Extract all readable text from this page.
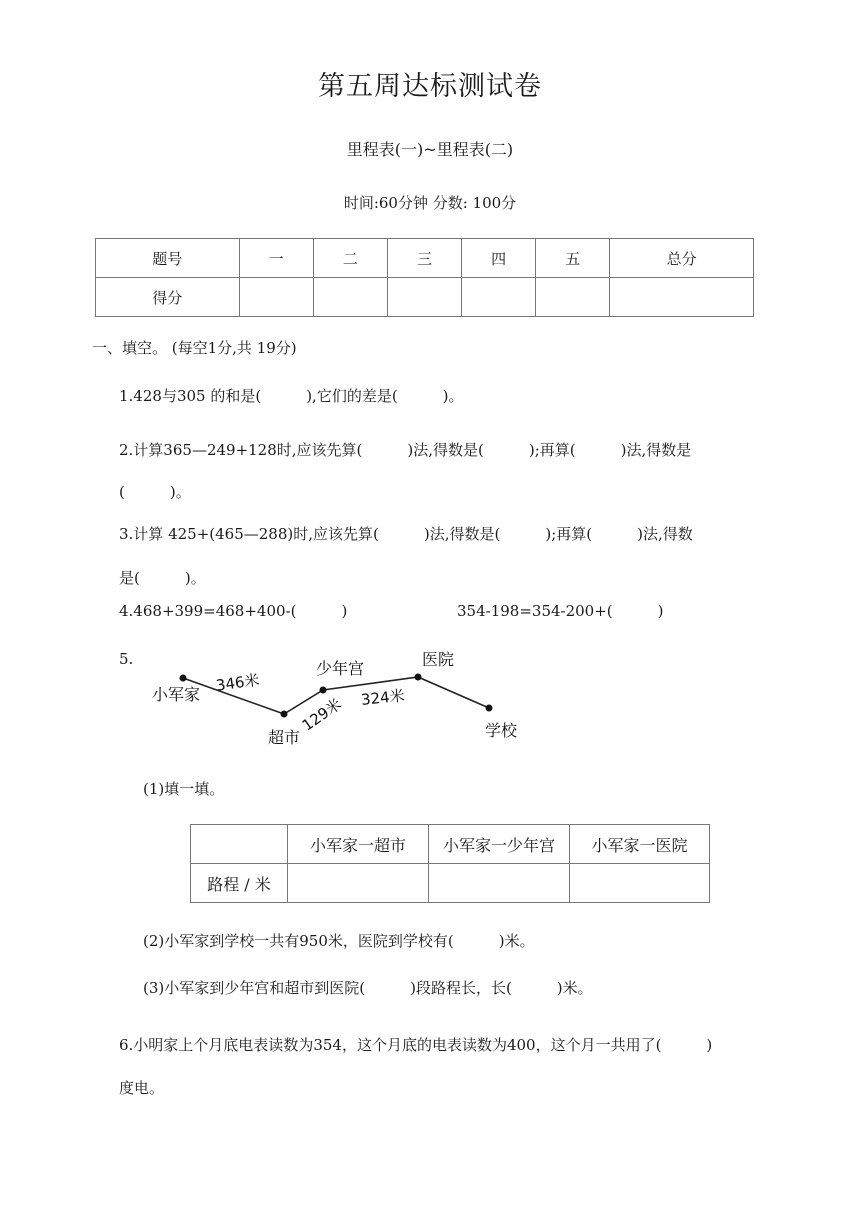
第五周达标测试卷
里程表(一)~里程表(二)
时间:60分钟 分数: 100分
题号	一	二	三	四	五	总分
得分						
一、填空。 (每空1分,共 19分)
1.428与305 的和是(　　　),它们的差是(　　　)。
2.计算365—249+128时,应该先算(　　　)法,得数是(　　　);再算(　　　)法,得数是
(　　　)。
3.计算 425+(465—288)时,应该先算(　　　)法,得数是(　　　);再算(　　　)法,得数
是(　　　)。
4.468+399=468+400-(　　　)	354-198=354-200+(　　　)
5.
小军家 346米
超市
129米
少年宫
324米
医院
学校
(1)填一填。
	小军家一超市	小军家一少年宫	小军家一医院
路程 / 米			
(2)小军家到学校一共有950米，医院到学校有(　　　)米。
(3)小军家到少年宫和超市到医院(　　　)段路程长，长(　　　)米。
6.小明家上个月底电表读数为354，这个月底的电表读数为400，这个月一共用了(　　　)
度电。
